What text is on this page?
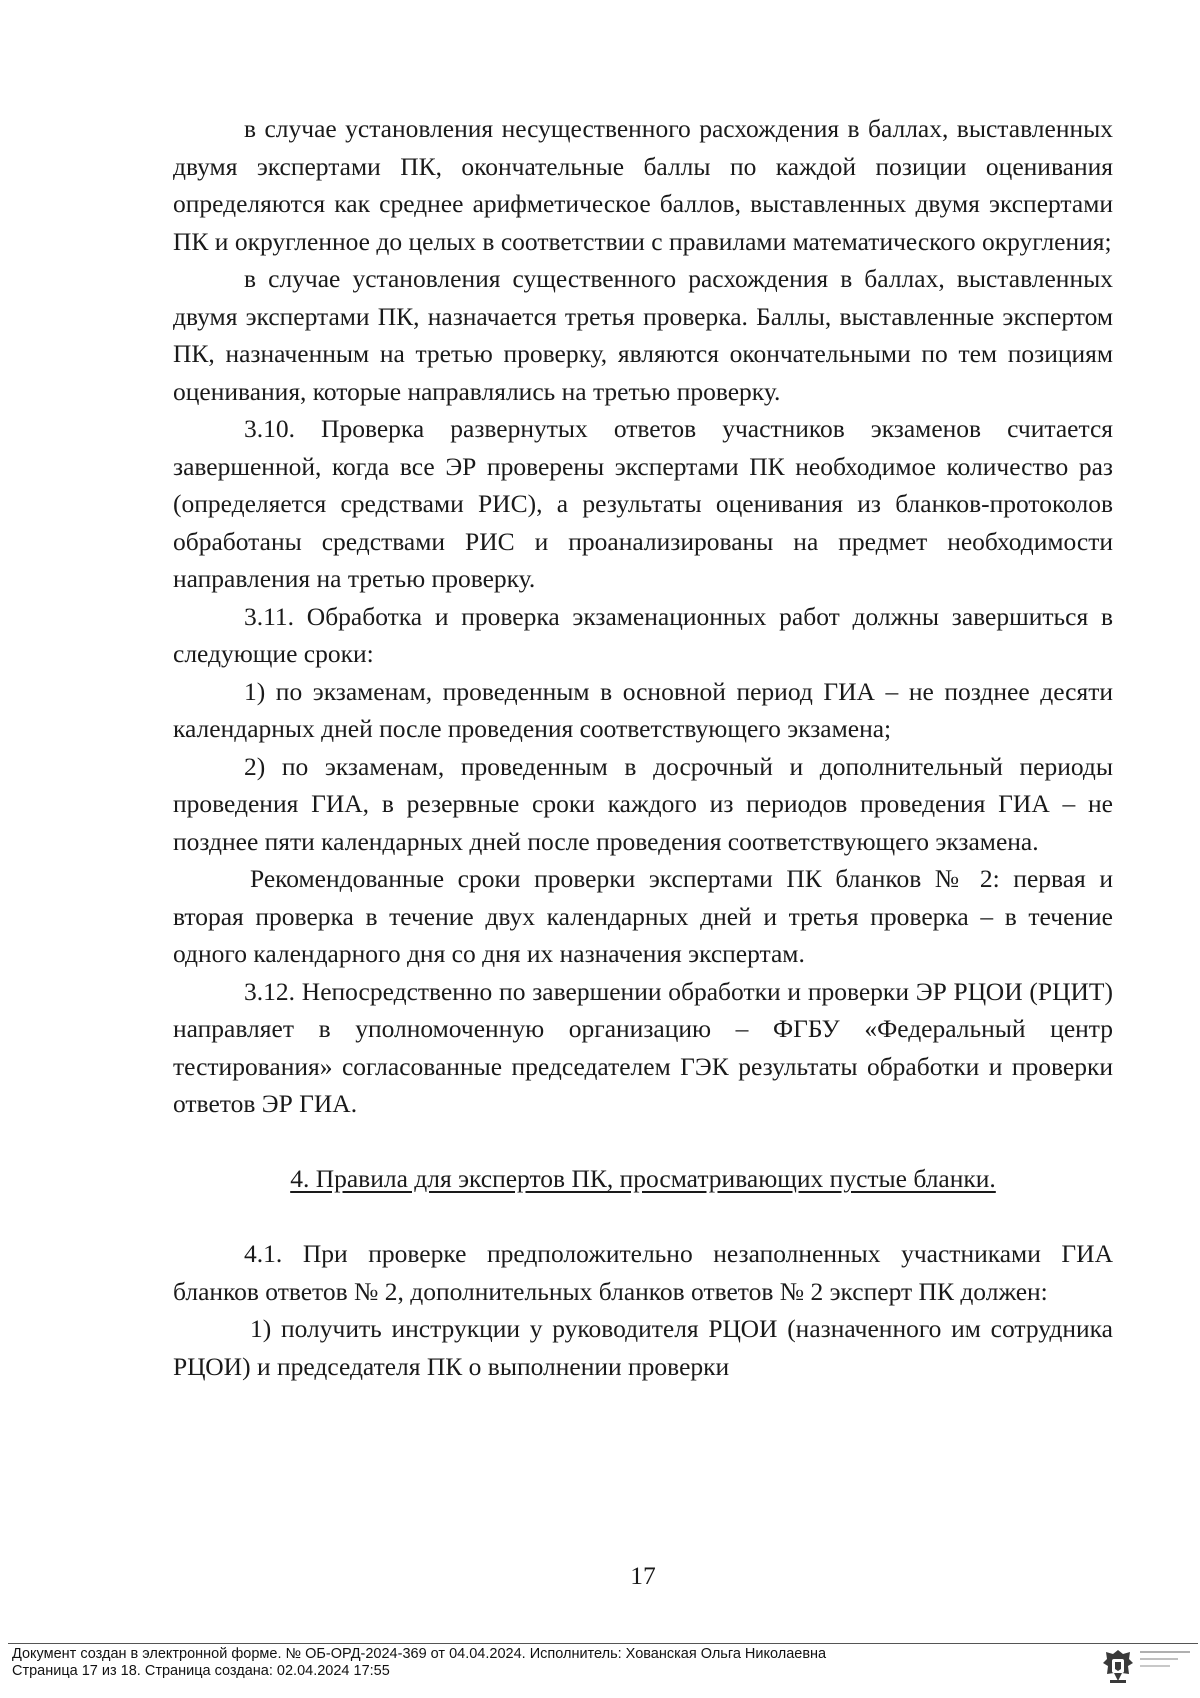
в случае установления несущественного расхождения в баллах, выставленных двумя экспертами ПК, окончательные баллы по каждой позиции оценивания определяются как среднее арифметическое баллов, выставленных двумя экспертами ПК и округленное до целых в соответствии с правилами математического округления;

в случае установления существенного расхождения в баллах, выставленных двумя экспертами ПК, назначается третья проверка. Баллы, выставленные экспертом ПК, назначенным на третью проверку, являются окончательными по тем позициям оценивания, которые направлялись на третью проверку.

3.10. Проверка развернутых ответов участников экзаменов считается завершенной, когда все ЭР проверены экспертами ПК необходимое количество раз (определяется средствами РИС), а результаты оценивания из бланков-протоколов обработаны средствами РИС и проанализированы на предмет необходимости направления на третью проверку.

3.11. Обработка и проверка экзаменационных работ должны завершиться в следующие сроки:

1) по экзаменам, проведенным в основной период ГИА – не позднее десяти календарных дней после проведения соответствующего экзамена;

2) по экзаменам, проведенным в досрочный и дополнительный периоды проведения ГИА, в резервные сроки каждого из периодов проведения ГИА – не позднее пяти календарных дней после проведения соответствующего экзамена.

Рекомендованные сроки проверки экспертами ПК бланков № 2: первая и вторая проверка в течение двух календарных дней и третья проверка – в течение одного календарного дня со дня их назначения экспертам.

3.12. Непосредственно по завершении обработки и проверки ЭР РЦОИ (РЦИТ) направляет в уполномоченную организацию – ФГБУ «Федеральный центр тестирования» согласованные председателем ГЭК результаты обработки и проверки ответов ЭР ГИА.

4. Правила для экспертов ПК, просматривающих пустые бланки.

4.1. При проверке предположительно незаполненных участниками ГИА бланков ответов № 2, дополнительных бланков ответов № 2 эксперт ПК должен:

1) получить инструкции у руководителя РЦОИ (назначенного им сотрудника РЦОИ) и председателя ПК о выполнении проверки

17
Документ создан в электронной форме. № ОБ-ОРД-2024-369 от 04.04.2024. Исполнитель: Хованская Ольга Николаевна
Страница 17 из 18. Страница создана: 02.04.2024 17:55
